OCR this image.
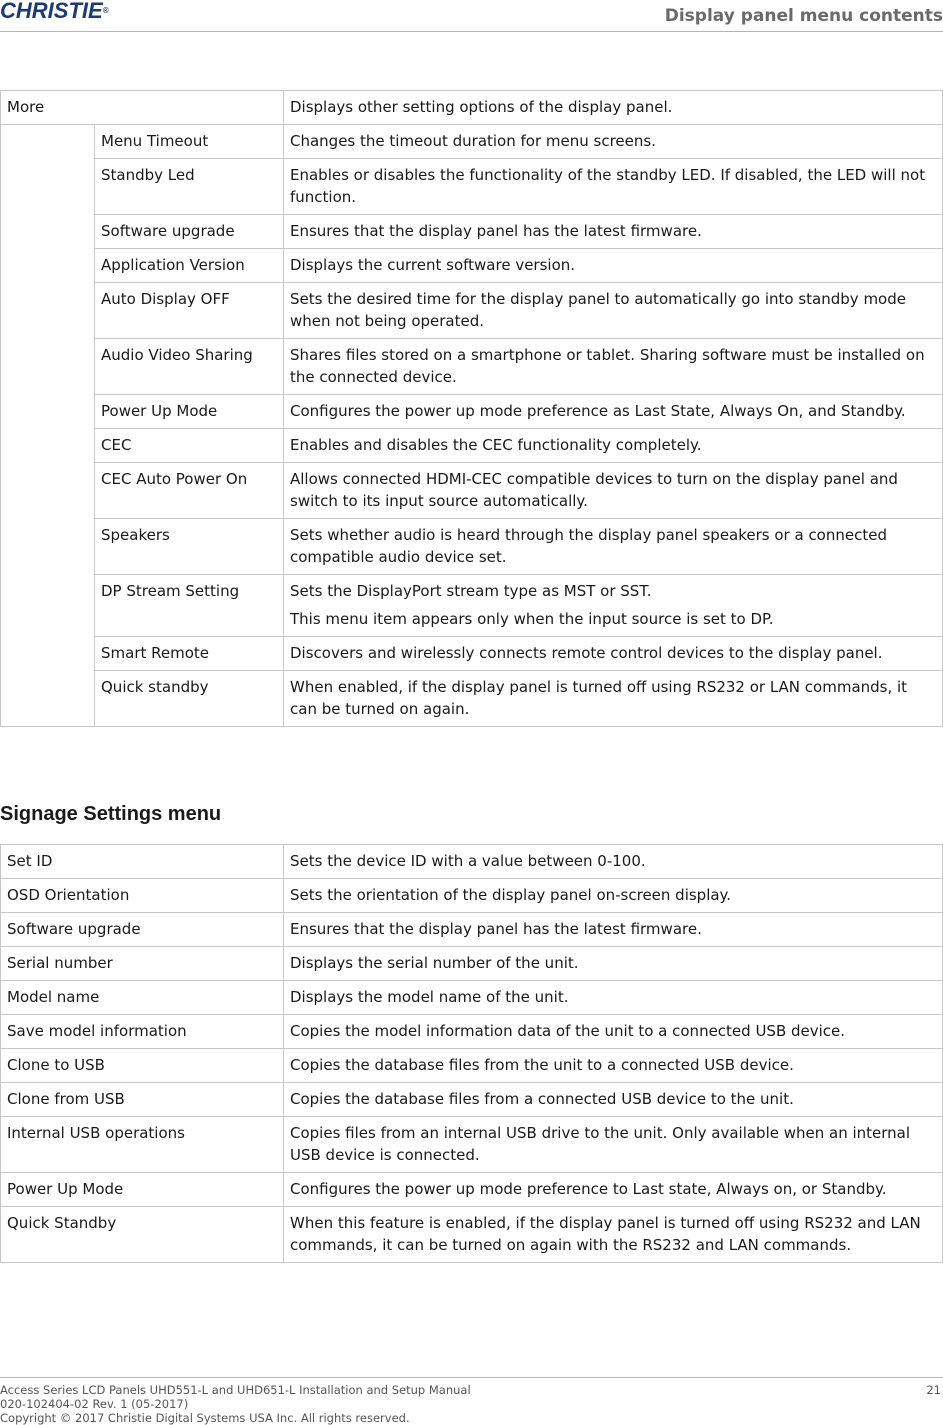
CHRISTIE®	Display panel menu contents
More		Displays other setting options of the display panel.
	Menu Timeout	Changes the timeout duration for menu screens.

	Standby Led	Enables or disables the functionality of the standby LED. If disabled, the LED will not function.

	Software upgrade	Ensures that the display panel has the latest firmware.

	Application Version	Displays the current software version.

	Auto Display OFF	Sets the desired time for the display panel to automatically go into standby mode when not being operated.

	Audio Video Sharing	Shares files stored on a smartphone or tablet. Sharing software must be installed on the connected device.

	Power Up Mode	Configures the power up mode preference as Last State, Always On, and Standby.

	CEC	Enables and disables the CEC functionality completely.

	CEC Auto Power On	Allows connected HDMI-CEC compatible devices to turn on the display panel and switch to its input source automatically.

	Speakers	Sets whether audio is heard through the display panel speakers or a connected compatible audio device set.

	DP Stream Setting	Sets the DisplayPort stream type as MST or SST.

This menu item appears only when the input source is set to DP.

	Smart Remote	Discovers and wirelessly connects remote control devices to the display panel.

	Quick standby	When enabled, if the display panel is turned off using RS232 or LAN commands, it can be turned on again.

Signage Settings menu
Set ID	Sets the device ID with a value between 0-100.
OSD Orientation	Sets the orientation of the display panel on-screen display.
Software upgrade	Ensures that the display panel has the latest firmware.
Serial number	Displays the serial number of the unit.
Model name	Displays the model name of the unit.
Save model information	Copies the model information data of the unit to a connected USB device.
Clone to USB	Copies the database files from the unit to a connected USB device.
Clone from USB	Copies the database files from a connected USB device to the unit.
Internal USB operations	Copies files from an internal USB drive to the unit. Only available when an internal USB device is connected.
Power Up Mode	Configures the power up mode preference to Last state, Always on, or Standby.
Quick Standby	When this feature is enabled, if the display panel is turned off using RS232 and LAN commands, it can be turned on again with the RS232 and LAN commands.
Access Series LCD Panels UHD551-L and UHD651-L Installation and Setup Manual
020-102404-02 Rev. 1 (05-2017)
Copyright © 2017 Christie Digital Systems USA Inc. All rights reserved.
21
